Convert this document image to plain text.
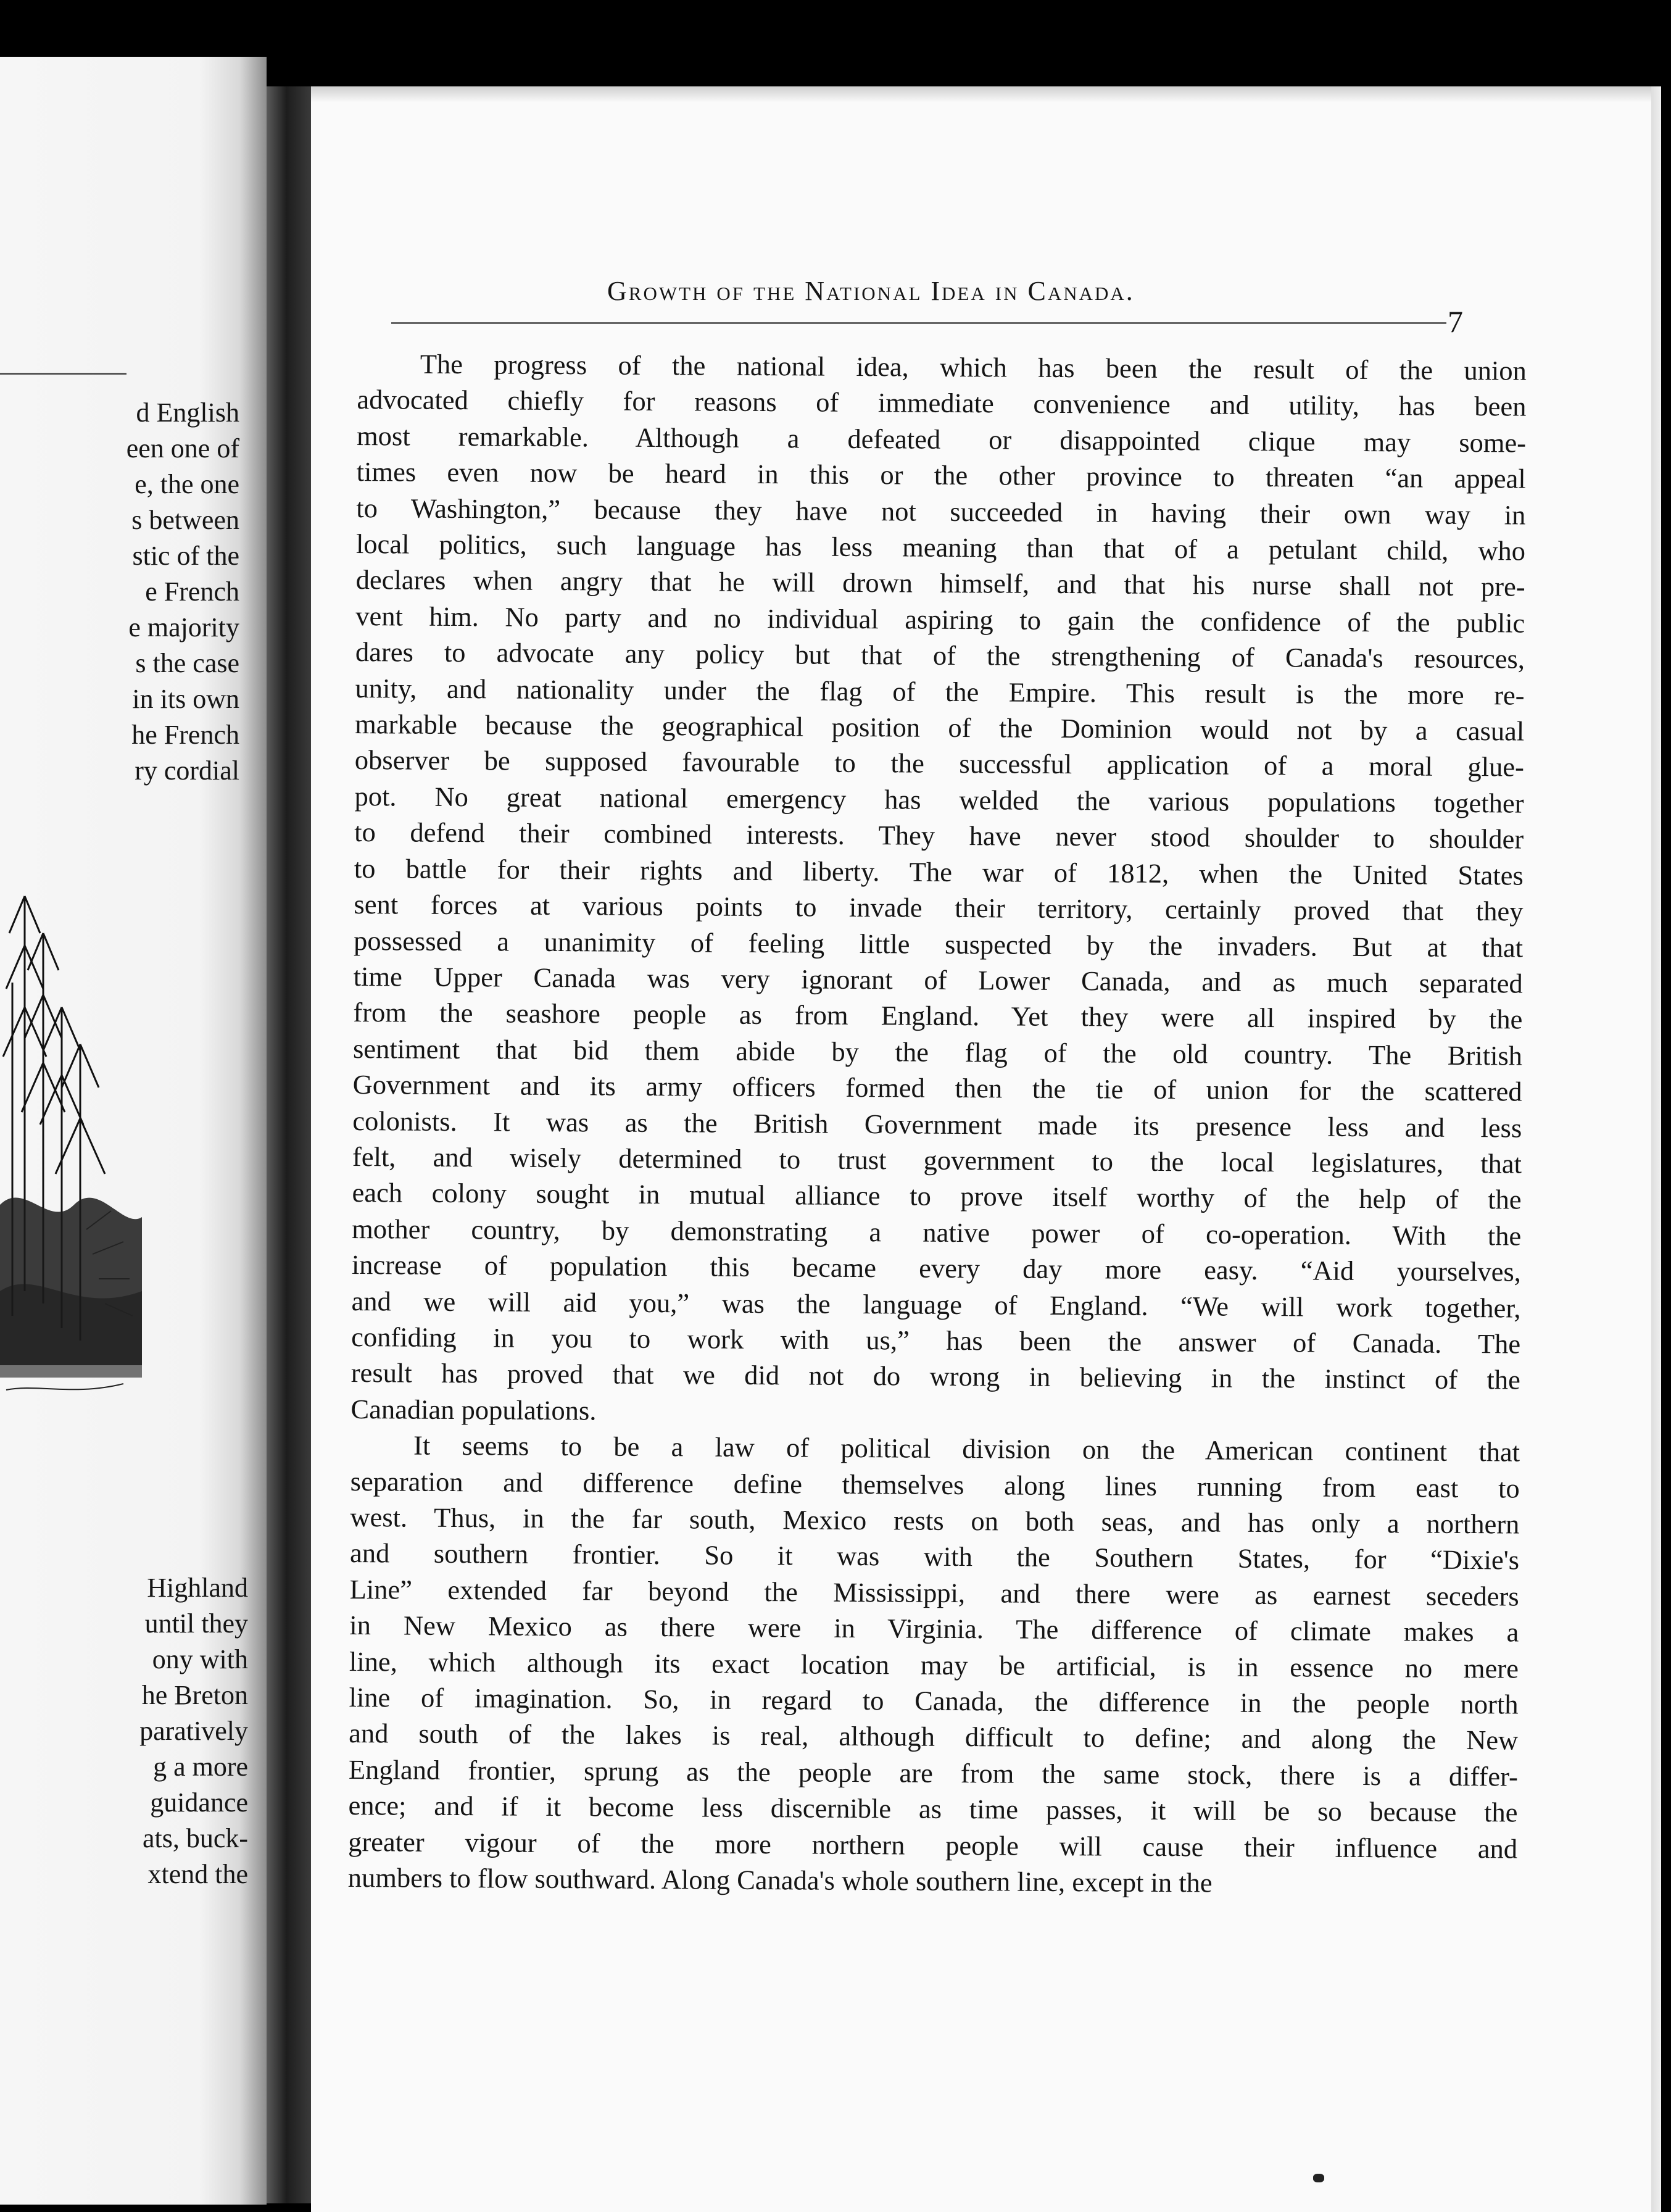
d English
een one of
e, the one
s between
stic of the
e French
e majority
s the case
in its own
he French
ry cordial
Highland
until they
ony with
he Breton
paratively
g a more
guidance
ats, buck-
xtend the
Growth of the National Idea in Canada.
7

The progress of the national idea, which has been the result of the union
advocated chiefly for reasons of immediate convenience and utility, has been
most remarkable. Although a defeated or disappointed clique may some-
times even now be heard in this or the other province to threaten “an appeal
to Washington,” because they have not succeeded in having their own way in
local politics, such language has less meaning than that of a petulant child, who
declares when angry that he will drown himself, and that his nurse shall not pre-
vent him. No party and no individual aspiring to gain the confidence of the public
dares to advocate any policy but that of the strengthening of Canada's resources,
unity, and nationality under the flag of the Empire. This result is the more re-
markable because the geographical position of the Dominion would not by a casual
observer be supposed favourable to the successful application of a moral glue-
pot. No great national emergency has welded the various populations together
to defend their combined interests. They have never stood shoulder to shoulder
to battle for their rights and liberty. The war of 1812, when the United States
sent forces at various points to invade their territory, certainly proved that they
possessed a unanimity of feeling little suspected by the invaders. But at that
time Upper Canada was very ignorant of Lower Canada, and as much separated
from the seashore people as from England. Yet they were all inspired by the
sentiment that bid them abide by the flag of the old country. The British
Government and its army officers formed then the tie of union for the scattered
colonists. It was as the British Government made its presence less and less
felt, and wisely determined to trust government to the local legislatures, that
each colony sought in mutual alliance to prove itself worthy of the help of the
mother country, by demonstrating a native power of co-operation. With the
increase of population this became every day more easy. “Aid yourselves,
and we will aid you,” was the language of England. “We will work together,
confiding in you to work with us,” has been the answer of Canada. The
result has proved that we did not do wrong in believing in the instinct of the
Canadian populations.

It seems to be a law of political division on the American continent that
separation and difference define themselves along lines running from east to
west. Thus, in the far south, Mexico rests on both seas, and has only a northern
and southern frontier. So it was with the Southern States, for “Dixie's
Line” extended far beyond the Mississippi, and there were as earnest seceders
in New Mexico as there were in Virginia. The difference of climate makes a
line, which although its exact location may be artificial, is in essence no mere
line of imagination. So, in regard to Canada, the difference in the people north
and south of the lakes is real, although difficult to define; and along the New
England frontier, sprung as the people are from the same stock, there is a differ-
ence; and if it become less discernible as time passes, it will be so because the
greater vigour of the more northern people will cause their influence and
numbers to flow southward. Along Canada's whole southern line, except in the
